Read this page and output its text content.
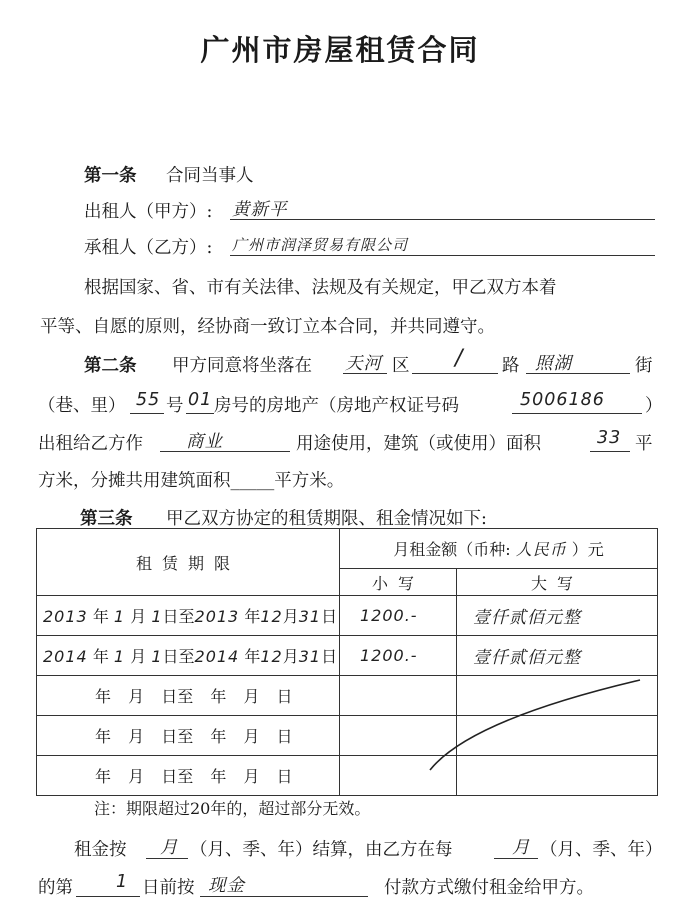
广州市房屋租赁合同
第一条 合同当事人
出租人（甲方）: 黄新平
承租人（乙方）: 广州市润泽贸易有限公司
根据国家、省、市有关法律、法规及有关规定，甲乙双方本着
平等、自愿的原则，经协商一致订立本合同，并共同遵守。
第二条 甲方同意将坐落在 天河 区 / 路 照湖	街
（巷、里） 55 号 01 房号的房地产（房地产权证号码	5006186 ）
出租给乙方作 商业	用途使用，建筑（或使用）面积	33 平
方米，分摊共用建筑面积_____平方米。
第三条 甲乙双方协定的租赁期限、租金情况如下:
租赁期限	月租金额（币种: 人民币 ）元	
	小写	大写
2013 年 1 月 1日至2013 年12月31日	1200.-	壹仟贰佰元整
2014 年 1 月 1日至2014 年12月31日	1200.-	壹仟贰佰元整
年 月 日至 年 月 日		
年 月 日至 年 月 日		
年 月 日至 年 月 日		
注：期限超过20年的，超过部分无效。
租金按 月 （月、季、年）结算，由乙方在每	月 （月、季、年）
的第 1 日前按 现金	付款方式缴付租金给甲方。
